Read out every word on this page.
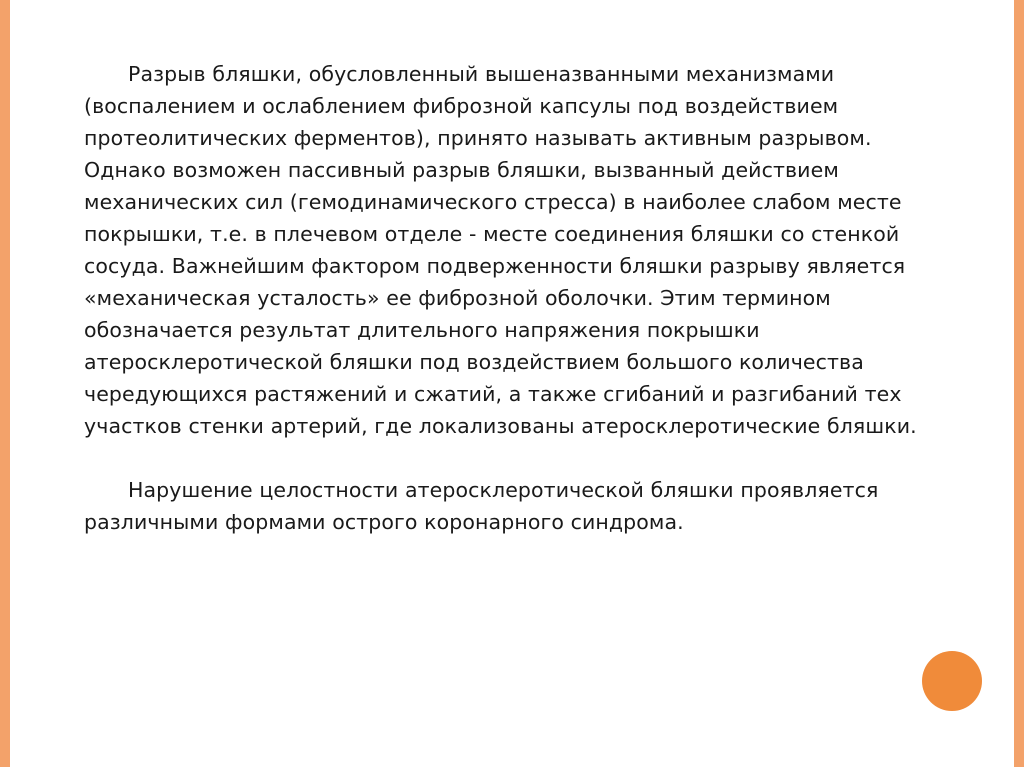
Разрыв бляшки, обусловленный вышеназванными механизмами (воспалением и ослаблением фиброзной капсулы под воздействием протеолитических ферментов), принято называть активным разрывом. Однако возможен пассивный разрыв бляшки, вызванный действием механических сил (гемодинамического стресса) в наиболее слабом месте покрышки, т.е. в плечевом отделе - месте соединения бляшки со стенкой сосуда. Важнейшим фактором подверженности бляшки разрыву является «механическая усталость» ее фиброзной оболочки. Этим термином обозначается результат длительного напряжения покрышки атеросклеротической бляшки под воздействием большого количества чередующихся растяжений и сжатий, а также сгибаний и разгибаний тех участков стенки артерий, где локализованы атеросклеротические бляшки.

Нарушение целостности атеросклеротической бляшки проявляется различными формами острого коронарного синдрома.
